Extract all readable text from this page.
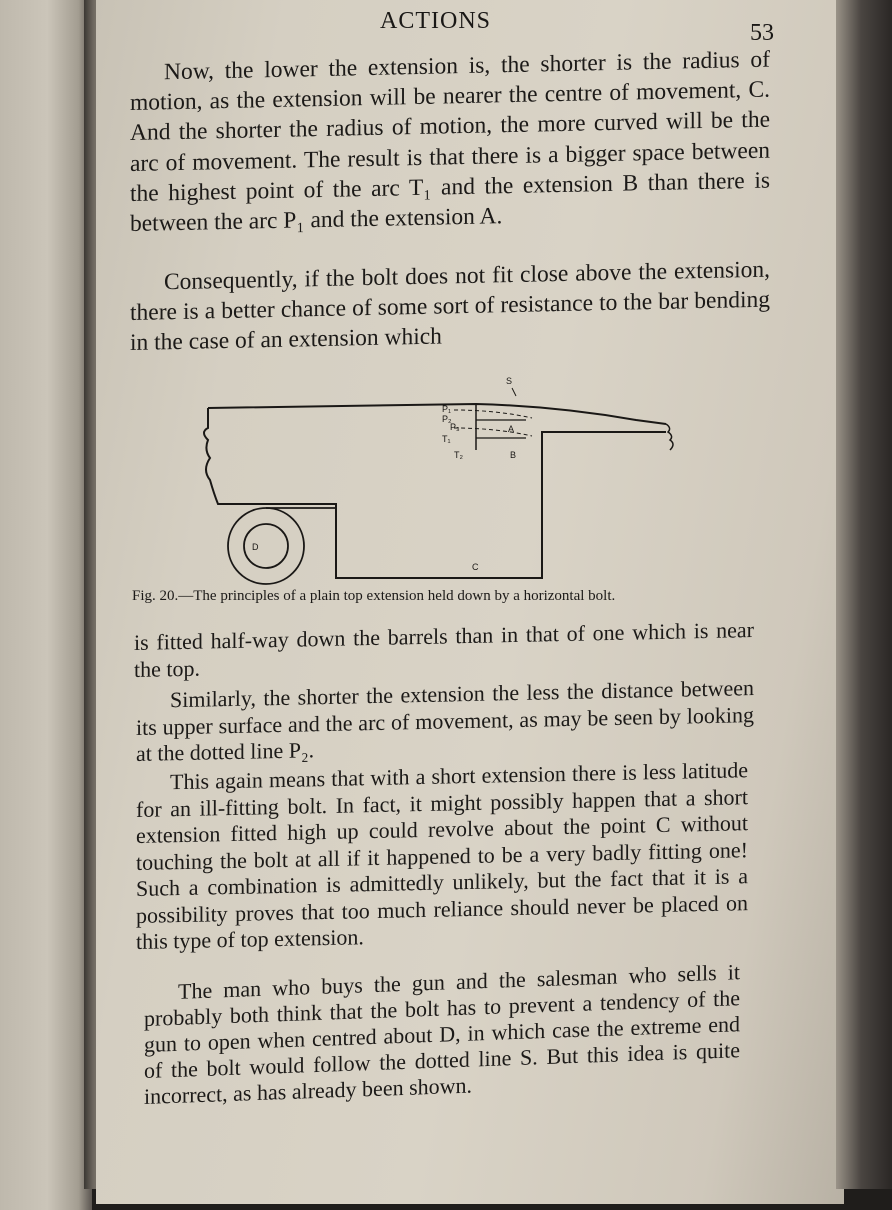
ACTIONS	53

Now, the lower the extension is, the shorter is the radius of motion, as the extension will be nearer the centre of movement, C. And the shorter the radius of motion, the more curved will be the arc of movement. The result is that there is a bigger space between the highest point of the arc T₁ and the extension B than there is between the arc P₁ and the extension A.

Consequently, if the bolt does not fit close above the extension, there is a better chance of some sort of resistance to the bar bending in the case of an extension which

S
P₁
P₂
P₃
T₁
T₂
A
B
C
D
Fig. 20.—The principles of a plain top extension held down by a horizontal bolt.

is fitted half-way down the barrels than in that of one which is near the top.

Similarly, the shorter the extension the less the distance between its upper surface and the arc of movement, as may be seen by looking at the dotted line P₂.

This again means that with a short extension there is less latitude for an ill-fitting bolt. In fact, it might possibly happen that a short extension fitted high up could revolve about the point C without touching the bolt at all if it happened to be a very badly fitting one! Such a combination is admittedly unlikely, but the fact that it is a possibility proves that too much reliance should never be placed on this type of top extension.

The man who buys the gun and the salesman who sells it probably both think that the bolt has to prevent a tendency of the gun to open when centred about D, in which case the extreme end of the bolt would follow the dotted line S. But this idea is quite incorrect, as has already been shown.
